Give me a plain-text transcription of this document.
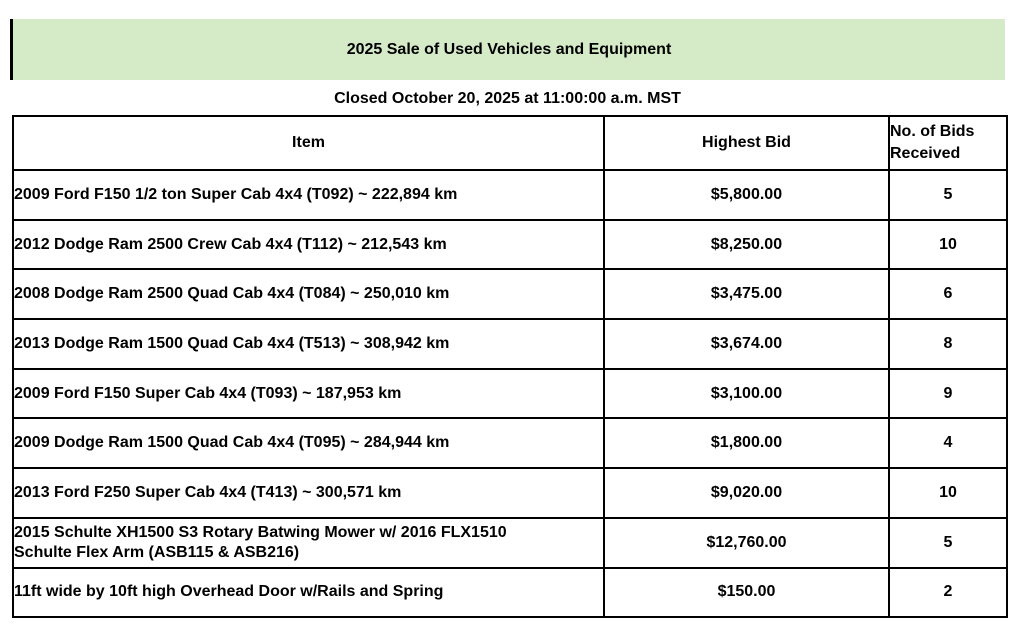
2025 Sale of Used Vehicles and Equipment
Closed October 20, 2025 at 11:00:00 a.m. MST
Item	Highest Bid	No. of Bids
Received
2009 Ford F150 1/2 ton Super Cab 4x4 (T092) ~ 222,894 km	$5,800.00	5
2012 Dodge Ram 2500 Crew Cab 4x4 (T112) ~ 212,543 km	$8,250.00	10
2008 Dodge Ram 2500 Quad Cab 4x4 (T084) ~ 250,010 km	$3,475.00	6
2013 Dodge Ram 1500 Quad Cab 4x4 (T513) ~ 308,942 km	$3,674.00	8
2009 Ford F150 Super Cab 4x4 (T093) ~ 187,953 km	$3,100.00	9
2009 Dodge Ram 1500 Quad Cab 4x4 (T095) ~ 284,944 km	$1,800.00	4
2013 Ford F250 Super Cab 4x4 (T413) ~ 300,571 km	$9,020.00	10
2015 Schulte XH1500 S3 Rotary Batwing Mower w/ 2016 FLX1510
Schulte Flex Arm (ASB115 & ASB216)	$12,760.00	5
11ft wide by 10ft high Overhead Door w/Rails and Spring	$150.00	2
